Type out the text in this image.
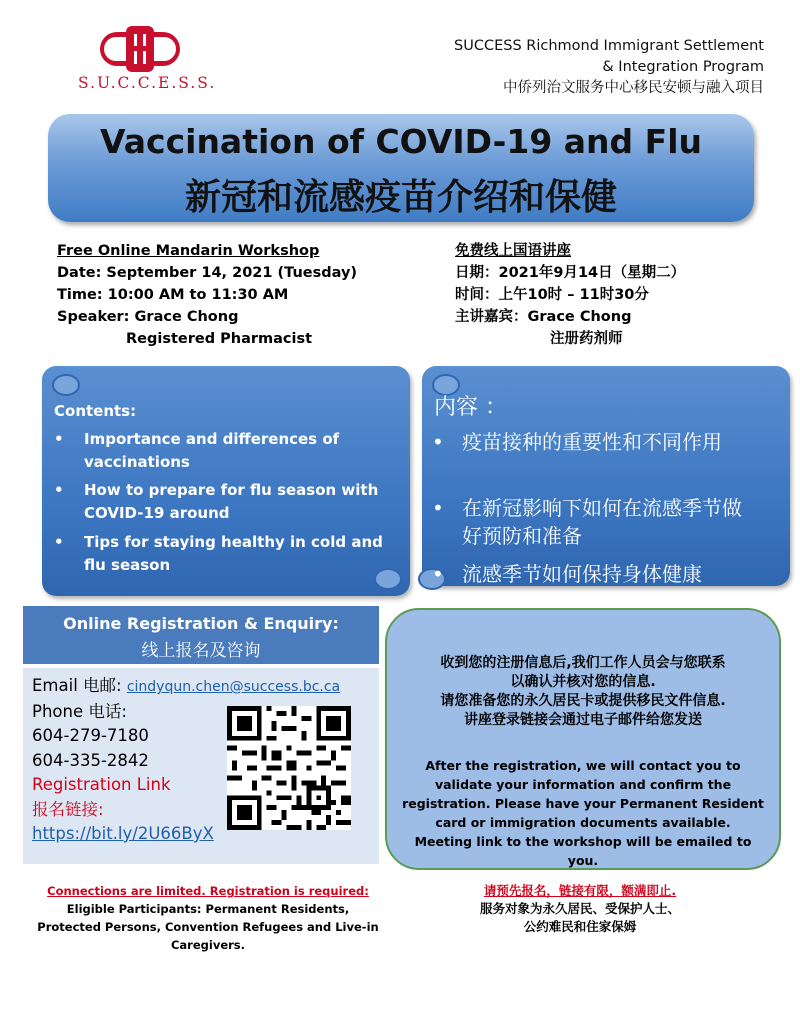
S.U.C.C.E.S.S.
SUCCESS Richmond Immigrant Settlement
& Integration Program
中侨列治文服务中心移民安顿与融入项目
Vaccination of COVID-19 and Flu
新冠和流感疫苗介绍和保健
Free Online Mandarin Workshop
Date: September 14, 2021 (Tuesday)
Time: 10:00 AM to 11:30 AM
Speaker: Grace Chong
Registered Pharmacist
免费线上国语讲座
日期：2021年9月14日（星期二）
时间：上午10时 – 11时30分
主讲嘉宾：Grace Chong
注册药剂师
Contents:
• Importance and differences of vaccinations
• How to prepare for flu season with COVID-19 around
• Tips for staying healthy in cold and flu season
内容 ：
• 疫苗接种的重要性和不同作用
• 在新冠影响下如何在流感季节做好预防和准备
• 流感季节如何保持身体健康
Online Registration & Enquiry:
线上报名及咨询
Email 电邮: cindyqun.chen@success.bc.ca
Phone 电话:
604-279-7180
604-335-2842
Registration Link
报名链接:
https://bit.ly/2U66ByX
收到您的注册信息后,我们工作人员会与您联系
以确认并核对您的信息.
请您准备您的永久居民卡或提供移民文件信息.
讲座登录链接会通过电子邮件给您发送
After the registration, we will contact you to validate your information and confirm the registration. Please have your Permanent Resident card or immigration documents available.
Meeting link to the workshop will be emailed to you.
Connections are limited. Registration is required:
Eligible Participants: Permanent Residents, Protected Persons, Convention Refugees and Live-in Caregivers.
请预先报名，链接有限，额满即止.
服务对象为永久居民、受保护人士、
公约难民和住家保姆
